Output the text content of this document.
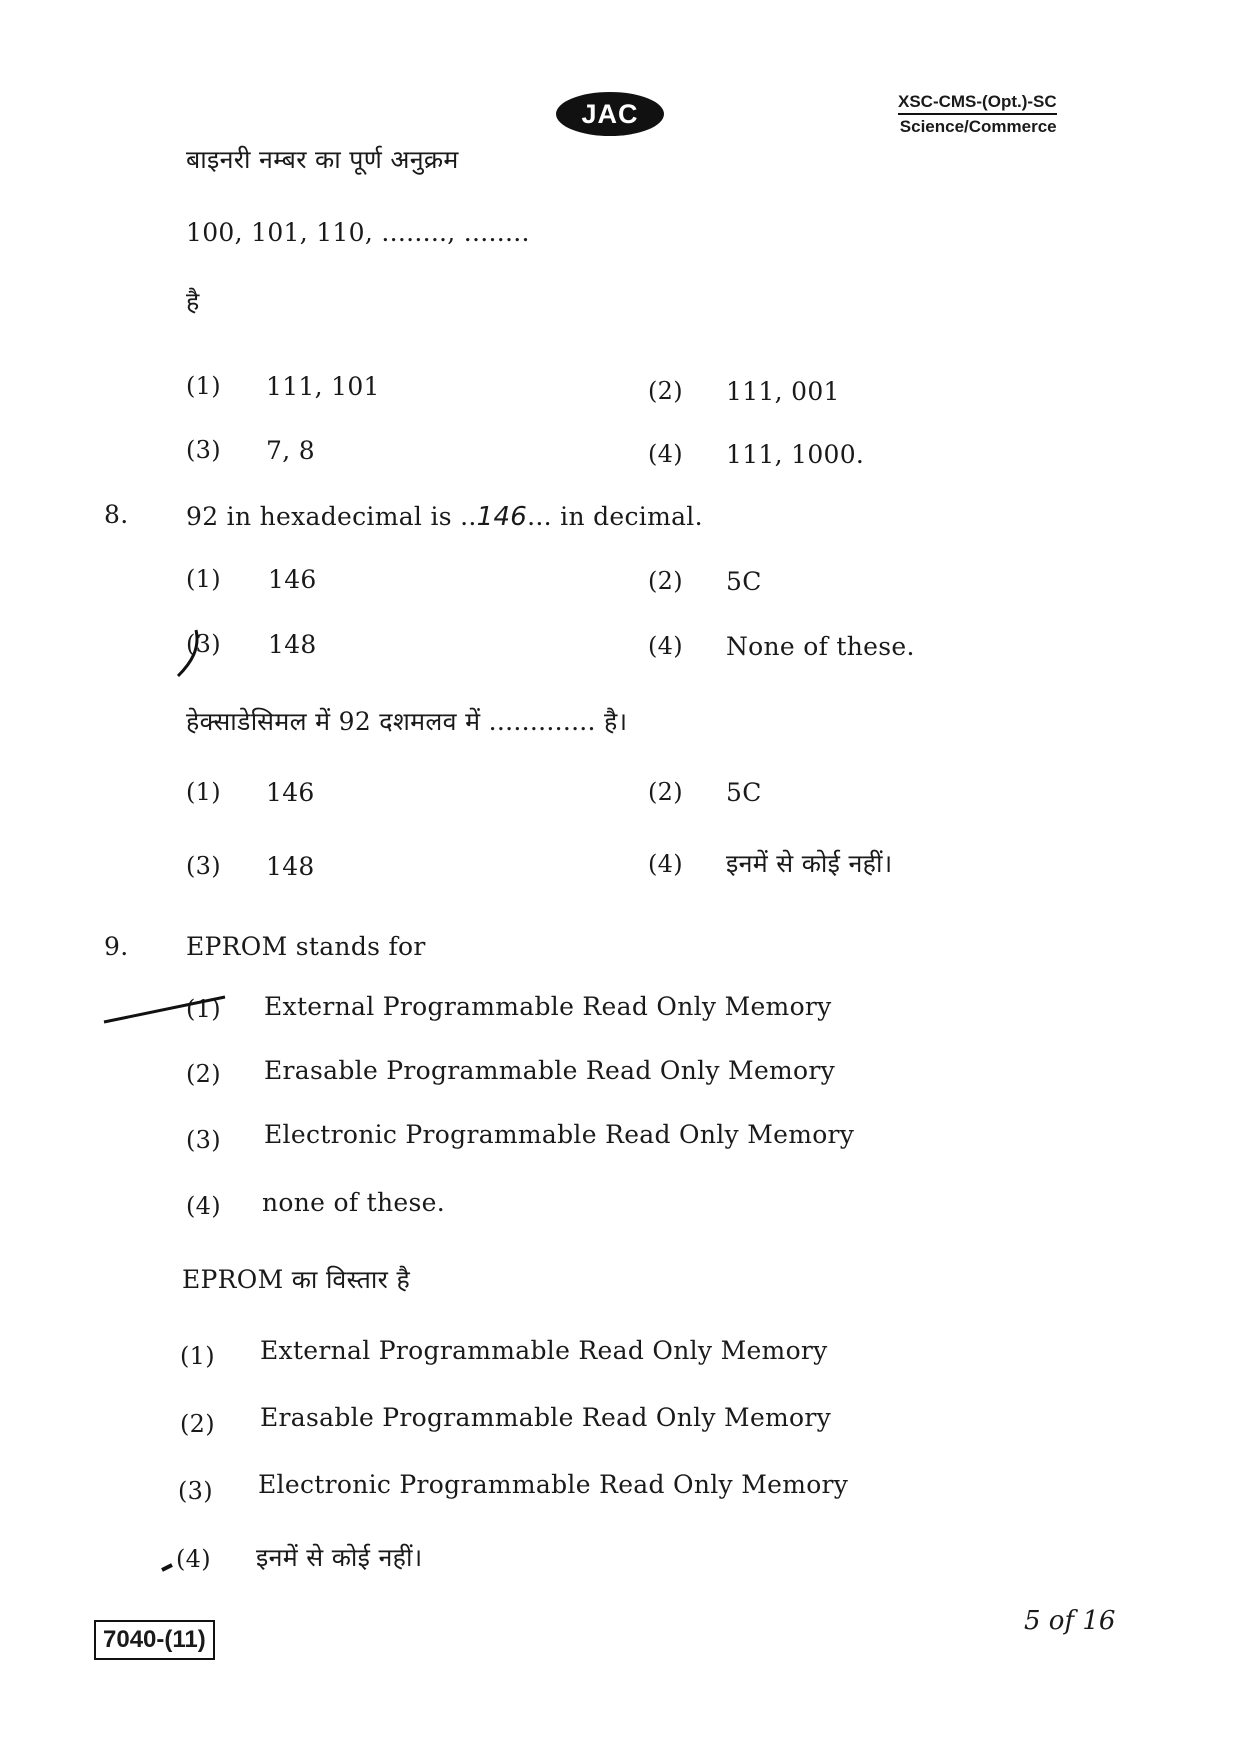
JAC	XSC-CMS-(Opt.)-SC
Science/Commerce
बाइनरी नम्बर का पूर्ण अनुक्रम
100, 101, 110, ........, ........
है
(1) 111, 101	(2) 111, 001
(3) 7, 8	(4) 111, 1000.
8. 92 in hexadecimal is ..146... in decimal.
(1) 146	(2) 5C
(3) 148	(4) None of these.
हेक्साडेसिमल में 92 दशमलव में ............. है।
(1) 146	(2) 5C
(3) 148	(4) इनमें से कोई नहीं।
9. EPROM stands for
(1) External Programmable Read Only Memory
(2) Erasable Programmable Read Only Memory
(3) Electronic Programmable Read Only Memory
(4) none of these.
EPROM का विस्तार है
(1) External Programmable Read Only Memory
(2) Erasable Programmable Read Only Memory
(3) Electronic Programmable Read Only Memory
(4) इनमें से कोई नहीं।
7040-(11)
5 of 16
